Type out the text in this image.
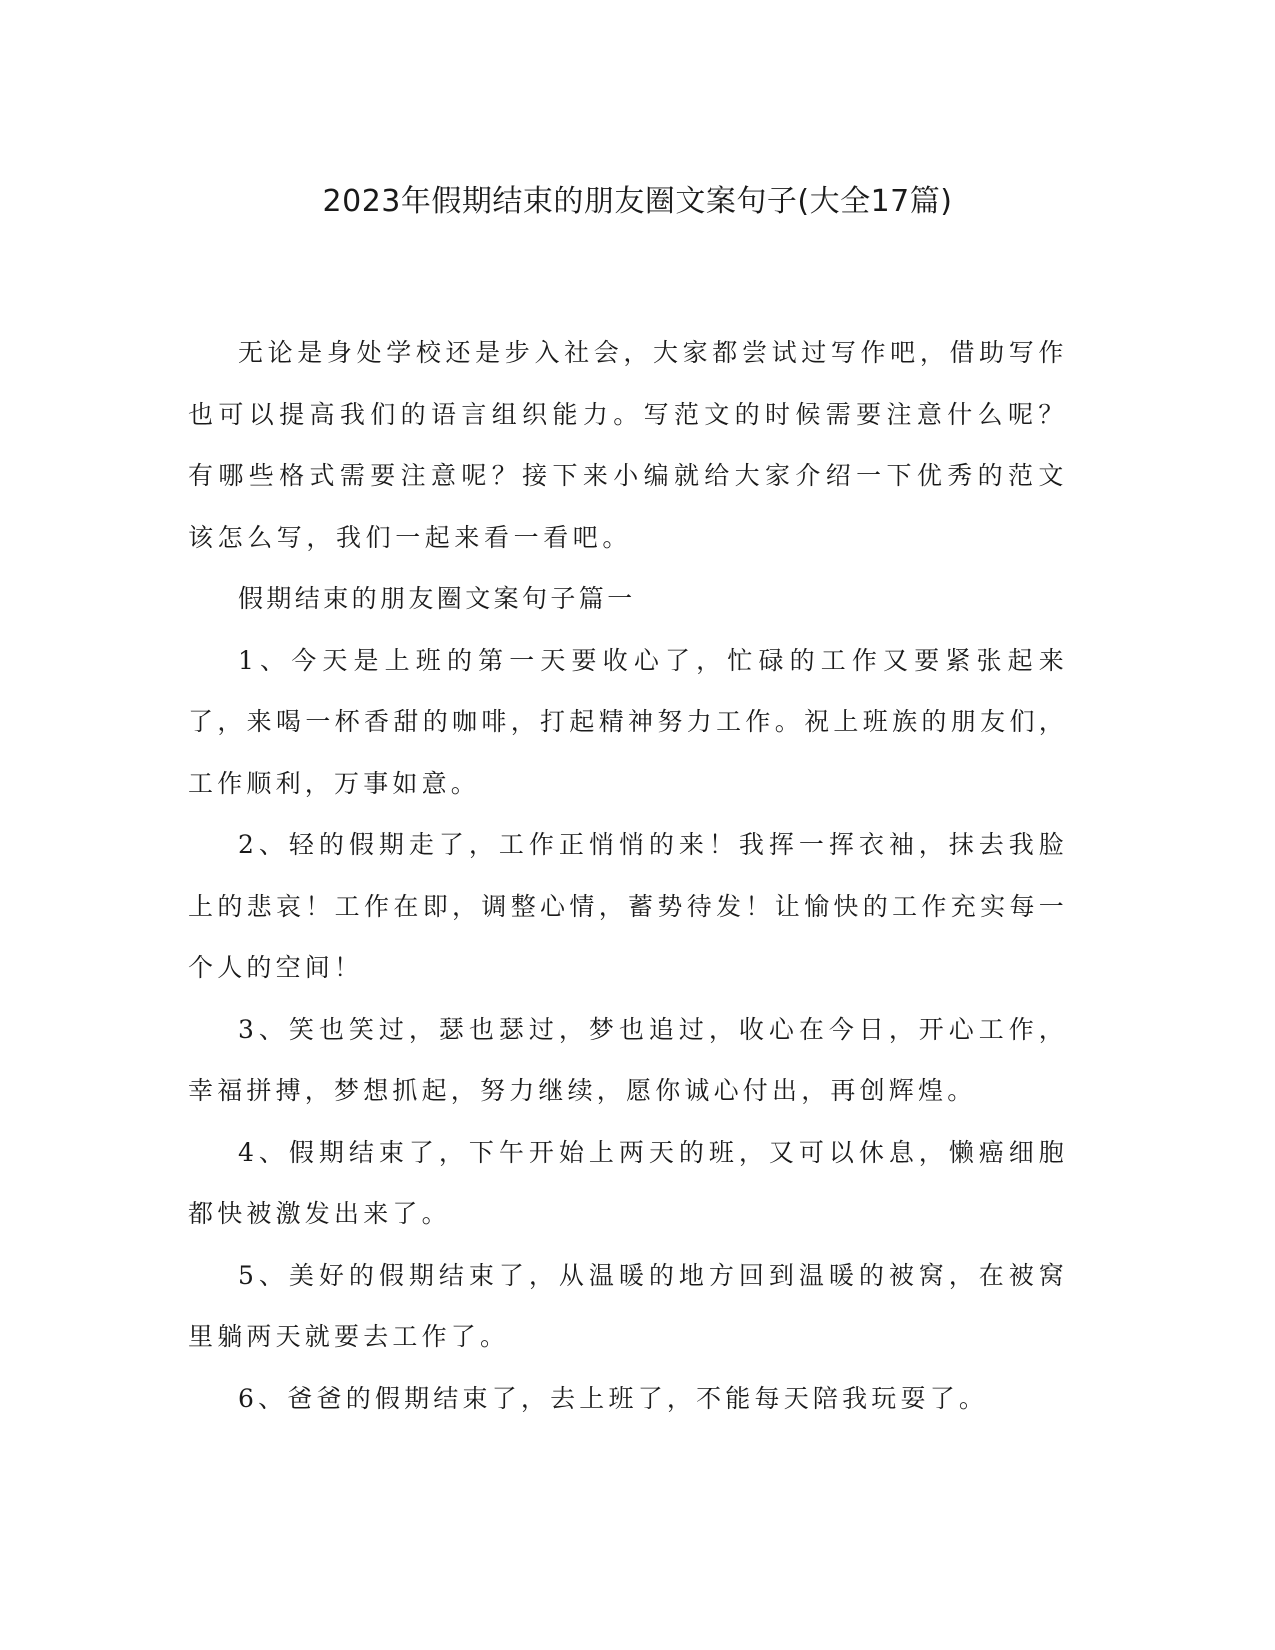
2023年假期结束的朋友圈文案句子(大全17篇)

无论是身处学校还是步入社会，大家都尝试过写作吧，借助写作也可以提高我们的语言组织能力。写范文的时候需要注意什么呢？有哪些格式需要注意呢？接下来小编就给大家介绍一下优秀的范文该怎么写，我们一起来看一看吧。

假期结束的朋友圈文案句子篇一

1、今天是上班的第一天要收心了，忙碌的工作又要紧张起来了，来喝一杯香甜的咖啡，打起精神努力工作。祝上班族的朋友们，工作顺利，万事如意。

2、轻的假期走了，工作正悄悄的来！我挥一挥衣袖，抹去我脸上的悲哀！工作在即，调整心情，蓄势待发！让愉快的工作充实每一个人的空间！

3、笑也笑过，瑟也瑟过，梦也追过，收心在今日，开心工作，幸福拼搏，梦想抓起，努力继续，愿你诚心付出，再创辉煌。

4、假期结束了，下午开始上两天的班，又可以休息，懒癌细胞都快被激发出来了。

5、美好的假期结束了，从温暖的地方回到温暖的被窝，在被窝里躺两天就要去工作了。

6、爸爸的假期结束了，去上班了，不能每天陪我玩耍了。
